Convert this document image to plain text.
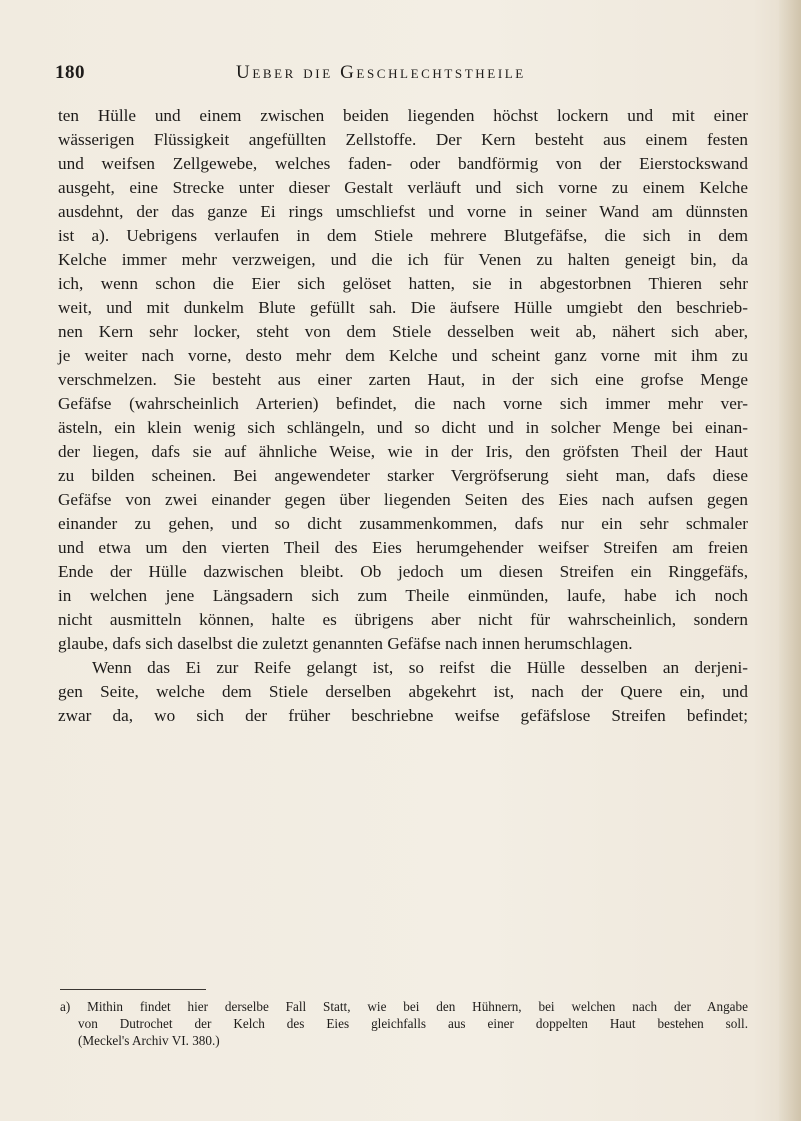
180	Ueber die Geschlechtstheile
ten Hülle und einem zwischen beiden liegenden höchst lockern und mit einer
wässerigen Flüssigkeit angefüllten Zellstoffe. Der Kern besteht aus einem festen
und weifsen Zellgewebe, welches faden- oder bandförmig von der Eierstockswand
ausgeht, eine Strecke unter dieser Gestalt verläuft und sich vorne zu einem Kelche
ausdehnt, der das ganze Ei rings umschliefst und vorne in seiner Wand am dünnsten
ist a). Uebrigens verlaufen in dem Stiele mehrere Blutgefäfse, die sich in dem
Kelche immer mehr verzweigen, und die ich für Venen zu halten geneigt bin, da
ich, wenn schon die Eier sich gelöset hatten, sie in abgestorbnen Thieren sehr
weit, und mit dunkelm Blute gefüllt sah. Die äufsere Hülle umgiebt den beschrieb-
nen Kern sehr locker, steht von dem Stiele desselben weit ab, nähert sich aber,
je weiter nach vorne, desto mehr dem Kelche und scheint ganz vorne mit ihm zu
verschmelzen. Sie besteht aus einer zarten Haut, in der sich eine grofse Menge
Gefäfse (wahrscheinlich Arterien) befindet, die nach vorne sich immer mehr ver-
ästeln, ein klein wenig sich schlängeln, und so dicht und in solcher Menge bei einan-
der liegen, dafs sie auf ähnliche Weise, wie in der Iris, den gröfsten Theil der Haut
zu bilden scheinen. Bei angewendeter starker Vergröfserung sieht man, dafs diese
Gefäfse von zwei einander gegen über liegenden Seiten des Eies nach aufsen gegen
einander zu gehen, und so dicht zusammenkommen, dafs nur ein sehr schmaler
und etwa um den vierten Theil des Eies herumgehender weifser Streifen am freien
Ende der Hülle dazwischen bleibt. Ob jedoch um diesen Streifen ein Ringgefäfs,
in welchen jene Längsadern sich zum Theile einmünden, laufe, habe ich noch
nicht ausmitteln können, halte es übrigens aber nicht für wahrscheinlich, sondern
glaube, dafs sich daselbst die zuletzt genannten Gefäfse nach innen herumschlagen.
Wenn das Ei zur Reife gelangt ist, so reifst die Hülle desselben an derjeni-
gen Seite, welche dem Stiele derselben abgekehrt ist, nach der Quere ein, und
zwar da, wo sich der früher beschriebne weifse gefäfslose Streifen befindet;
a) Mithin findet hier derselbe Fall Statt, wie bei den Hühnern, bei welchen nach der Angabe
von Dutrochet der Kelch des Eies gleichfalls aus einer doppelten Haut bestehen soll.
(Meckel's Archiv VI. 380.)
